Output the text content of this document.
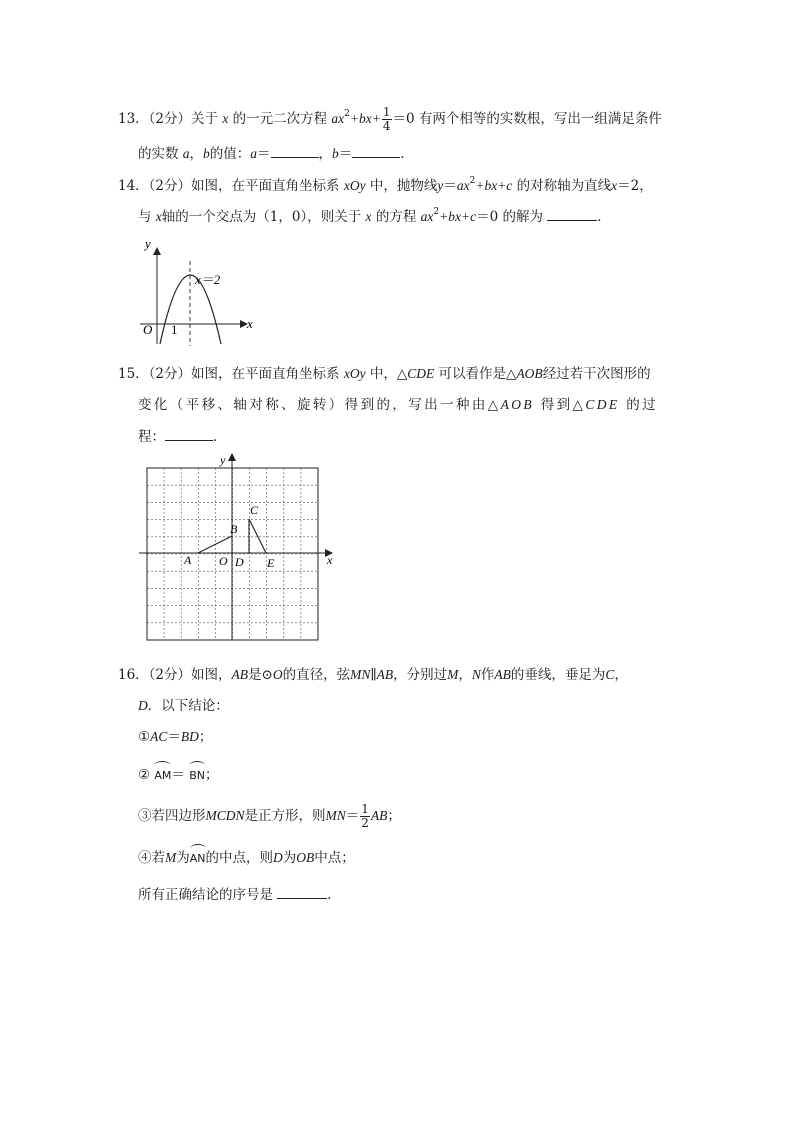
13．（2分）关于 x 的一元二次方程 $ax^2+bx+ \frac{1}{4} =0$ 有两个相等的实数根，写出一组满足条件
的实数 a，b的值：a＝	，b＝	．
14．（2分）如图，在平面直角坐标系 xOy 中，抛物线$y=ax^2+bx+c$ 的对称轴为直线x＝2，
与 x轴的一个交点为（1，0），则关于 x 的方程 $ax^2+bx+c=0$ 的解为	．
y
x
O 1
x＝2
15．（2分）如图，在平面直角坐标系 xOy 中，△CDE 可以看作是△AOB经过若干次图形的
变化（平移、轴对称、旋转）得到的，写出一种由△AOB 得到△CDE 的过
程：	．
y
x
A
B
C
O D E
16．（2分）如图，AB是⊙O的直径，弦MN∥AB，分别过M，N作AB的垂线，垂足为C，
D．以下结论：
①AC＝BD；
② AM＝ BN；
③若四边形MCDN是正方形，则$MN= \frac{1}{2}$ AB；
④若M为AN的中点，则D为OB中点；
所有正确结论的序号是	．
